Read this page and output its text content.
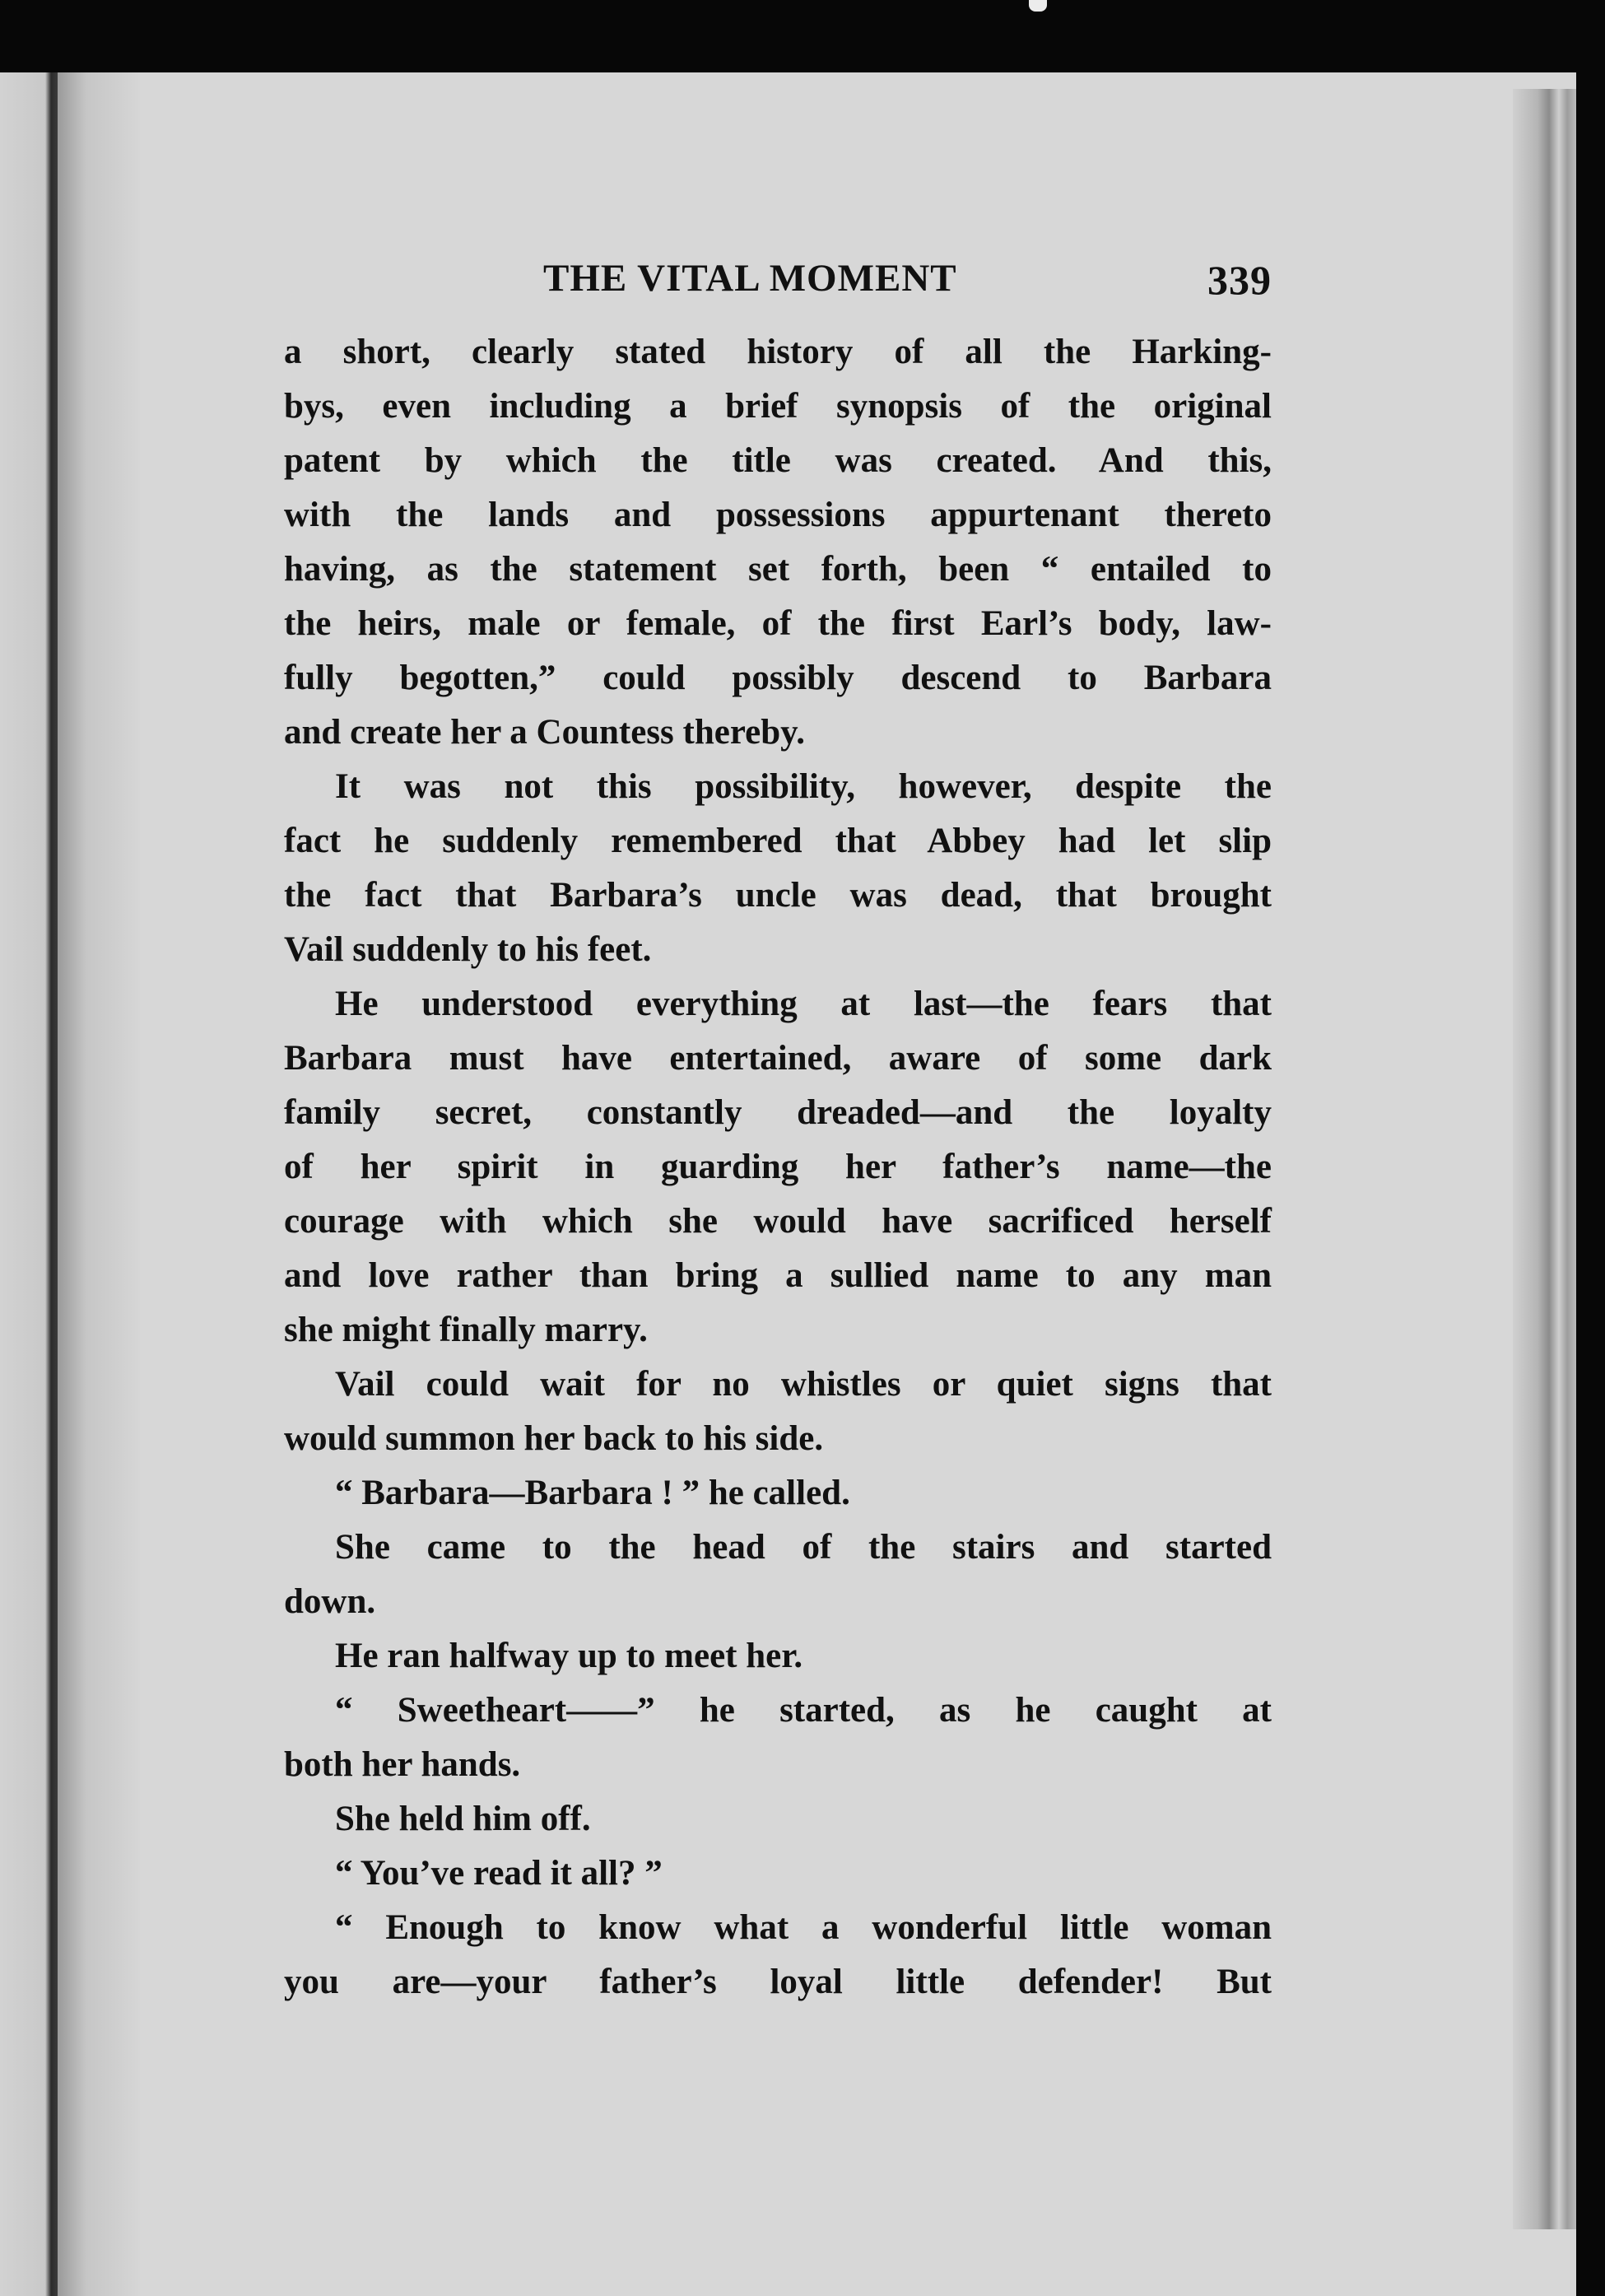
THE VITAL MOMENT	339
a short, clearly stated history of all the Harking-
bys, even including a brief synopsis of the original
patent by which the title was created. And this,
with the lands and possessions appurtenant thereto
having, as the statement set forth, been “ entailed to
the heirs, male or female, of the first Earl’s body, law-
fully begotten,” could possibly descend to Barbara
and create her a Countess thereby.
It was not this possibility, however, despite the
fact he suddenly remembered that Abbey had let slip
the fact that Barbara’s uncle was dead, that brought
Vail suddenly to his feet.
He understood everything at last—the fears that
Barbara must have entertained, aware of some dark
family secret, constantly dreaded—and the loyalty
of her spirit in guarding her father’s name—the
courage with which she would have sacrificed herself
and love rather than bring a sullied name to any man
she might finally marry.
Vail could wait for no whistles or quiet signs that
would summon her back to his side.
“ Barbara—Barbara ! ” he called.
She came to the head of the stairs and started
down.
He ran halfway up to meet her.
“ Sweetheart——” he started, as he caught at
both her hands.
She held him off.
“ You’ve read it all? ”
“ Enough to know what a wonderful little woman
you are—your father’s loyal little defender! But
